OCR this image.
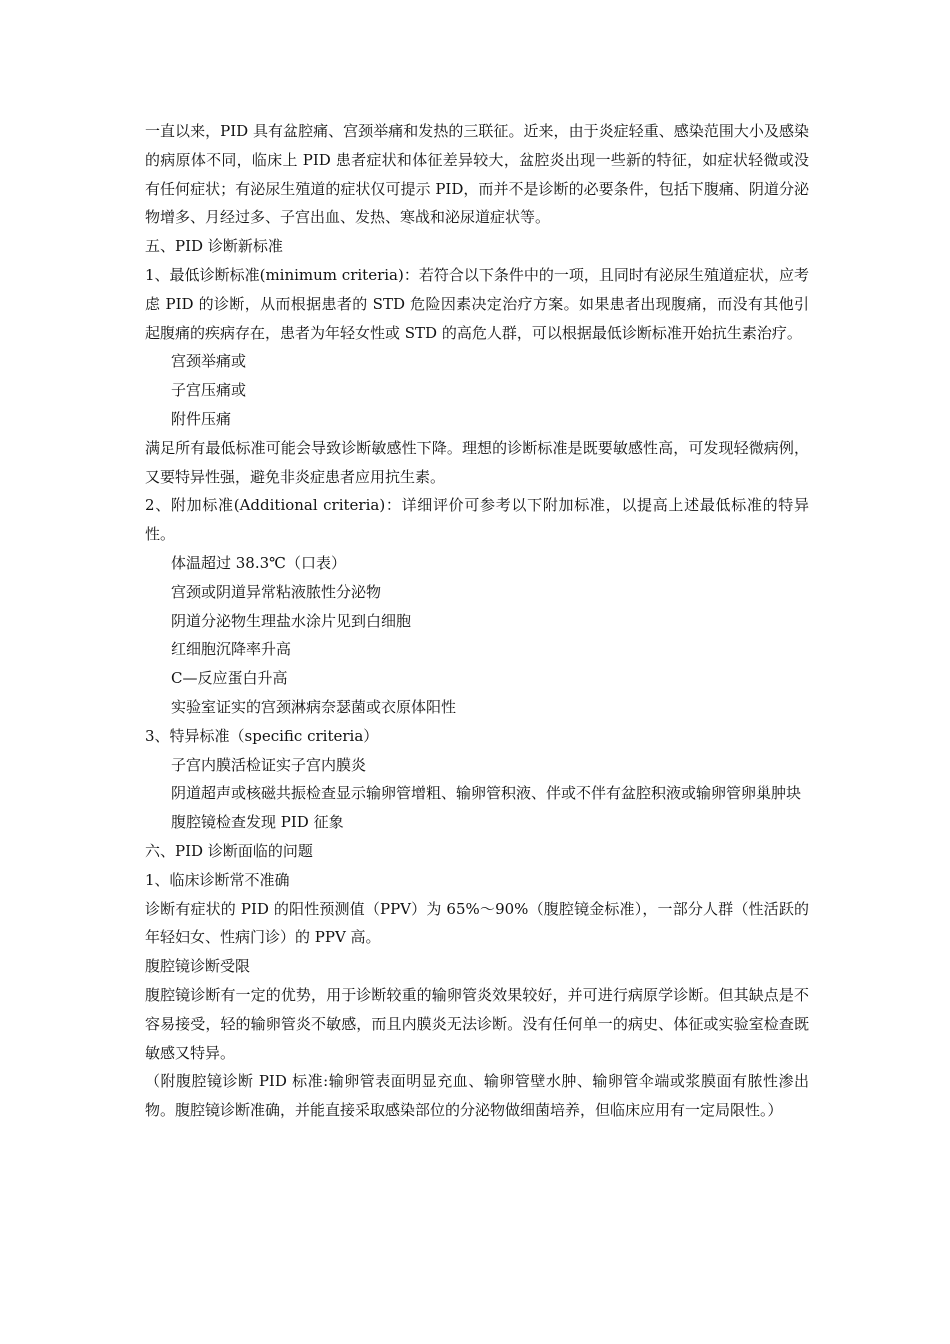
一直以来，PID 具有盆腔痛、宫颈举痛和发热的三联征。近来，由于炎症轻重、感染范围大小及感染的病原体不同，临床上 PID 患者症状和体征差异较大，盆腔炎出现一些新的特征，如症状轻微或没有任何症状；有泌尿生殖道的症状仅可提示 PID，而并不是诊断的必要条件，包括下腹痛、阴道分泌物增多、月经过多、子宫出血、发热、寒战和泌尿道症状等。

五、PID 诊断新标准

1、最低诊断标准(minimum criteria)：若符合以下条件中的一项，且同时有泌尿生殖道症状，应考虑 PID 的诊断，从而根据患者的 STD 危险因素决定治疗方案。如果患者出现腹痛，而没有其他引起腹痛的疾病存在，患者为年轻女性或 STD 的高危人群，可以根据最低诊断标准开始抗生素治疗。

宫颈举痛或

子宫压痛或

附件压痛

满足所有最低标准可能会导致诊断敏感性下降。理想的诊断标准是既要敏感性高，可发现轻微病例，又要特异性强，避免非炎症患者应用抗生素。

2、附加标准(Additional criteria)：详细评价可参考以下附加标准，以提高上述最低标准的特异性。

体温超过 38.3℃（口表）

宫颈或阴道异常粘液脓性分泌物

阴道分泌物生理盐水涂片见到白细胞

红细胞沉降率升高

C—反应蛋白升高

实验室证实的宫颈淋病奈瑟菌或衣原体阳性

3、特异标准（specific criteria）

子宫内膜活检证实子宫内膜炎

阴道超声或核磁共振检查显示输卵管增粗、输卵管积液、伴或不伴有盆腔积液或输卵管卵巢肿块

腹腔镜检查发现 PID 征象

六、PID 诊断面临的问题

1、临床诊断常不准确

诊断有症状的 PID 的阳性预测值（PPV）为 65%～90%（腹腔镜金标准），一部分人群（性活跃的年轻妇女、性病门诊）的 PPV 高。

腹腔镜诊断受限

腹腔镜诊断有一定的优势，用于诊断较重的输卵管炎效果较好，并可进行病原学诊断。但其缺点是不容易接受，轻的输卵管炎不敏感，而且内膜炎无法诊断。没有任何单一的病史、体征或实验室检查既敏感又特异。

（附腹腔镜诊断 PID 标准:输卵管表面明显充血、输卵管壁水肿、输卵管伞端或浆膜面有脓性渗出物。腹腔镜诊断准确，并能直接采取感染部位的分泌物做细菌培养，但临床应用有一定局限性。）
